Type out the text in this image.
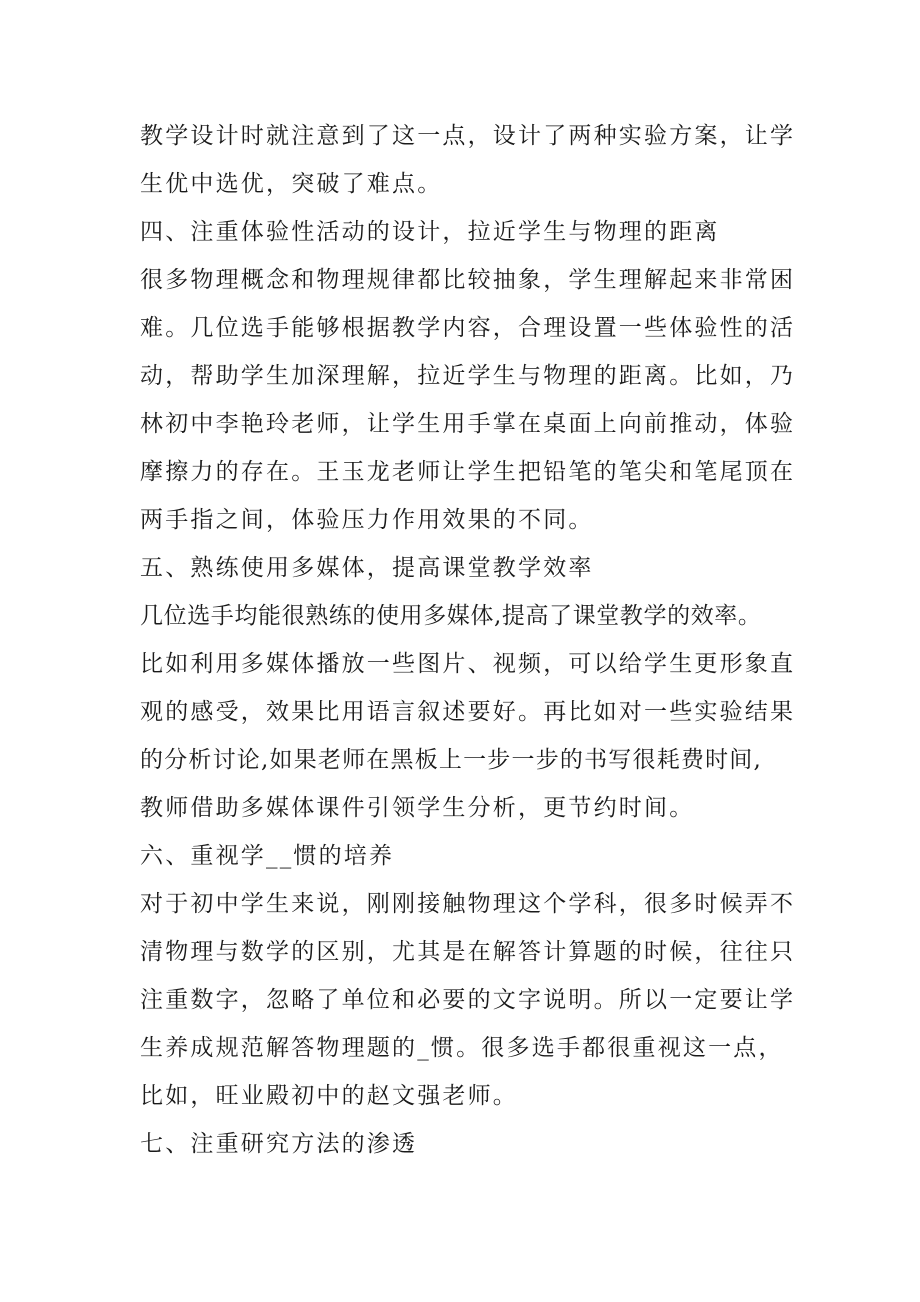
教学设计时就注意到了这一点，设计了两种实验方案，让学
生优中选优，突破了难点。
四、注重体验性活动的设计，拉近学生与物理的距离
很多物理概念和物理规律都比较抽象，学生理解起来非常困
难。几位选手能够根据教学内容，合理设置一些体验性的活
动，帮助学生加深理解，拉近学生与物理的距离。比如，乃
林初中李艳玲老师，让学生用手掌在桌面上向前推动，体验
摩擦力的存在。王玉龙老师让学生把铅笔的笔尖和笔尾顶在
两手指之间，体验压力作用效果的不同。
五、熟练使用多媒体，提高课堂教学效率
几位选手均能很熟练的使用多媒体,提高了课堂教学的效率。
比如利用多媒体播放一些图片、视频，可以给学生更形象直
观的感受，效果比用语言叙述要好。再比如对一些实验结果
的分析讨论,如果老师在黑板上一步一步的书写很耗费时间,
教师借助多媒体课件引领学生分析，更节约时间。
六、重视学__惯的培养
对于初中学生来说，刚刚接触物理这个学科，很多时候弄不
清物理与数学的区别，尤其是在解答计算题的时候，往往只
注重数字，忽略了单位和必要的文字说明。所以一定要让学
生养成规范解答物理题的_惯。很多选手都很重视这一点，
比如，旺业殿初中的赵文强老师。
七、注重研究方法的渗透
